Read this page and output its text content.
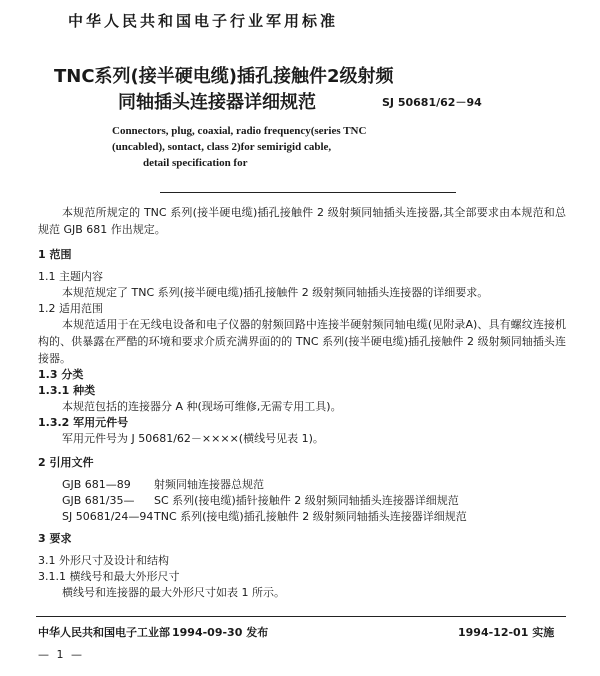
中华人民共和国电子行业军用标准
TNC系列(接半硬电缆)插孔接触件2级射频
同轴插头连接器详细规范	SJ 50681/62－94
Connectors, plug, coaxial, radio frequency(series TNC
(uncabled), sontact, class 2)for semirigid cable,
detail specification for
本规范所规定的 TNC 系列(接半硬电缆)插孔接触件 2 级射频同轴插头连接器,其全部要求由本规范和总规范 GJB 681 作出规定。
1 范围
1.1 主题内容
本规范规定了 TNC 系列(接半硬电缆)插孔接触件 2 级射频同轴插头连接器的详细要求。
1.2 适用范围
本规范适用于在无线电设备和电子仪器的射频回路中连接半硬射频同轴电缆(见附录A)、具有螺纹连接机构的、供暴露在严酷的环境和要求介质充满界面的的 TNC 系列(接半硬电缆)插孔接触件 2 级射频同轴插头连接器。
1.3 分类
1.3.1 种类
本规范包括的连接器分 A 种(现场可维修,无需专用工具)。
1.3.2 军用元件号
军用元件号为 J 50681/62－××××(横线号见表 1)。
2 引用文件
GJB 681—89 射频同轴连接器总规范
GJB 681/35— SC 系列(接电缆)插针接触件 2 级射频同轴插头连接器详细规范
SJ 50681/24—94TNC 系列(接电缆)插孔接触件 2 级射频同轴插头连接器详细规范
3 要求
3.1 外形尺寸及设计和结构
3.1.1 横线号和最大外形尺寸
横线号和连接器的最大外形尺寸如表 1 所示。
中华人民共和国电子工业部 1994-09-30 发布	1994-12-01 实施
— 1 —
